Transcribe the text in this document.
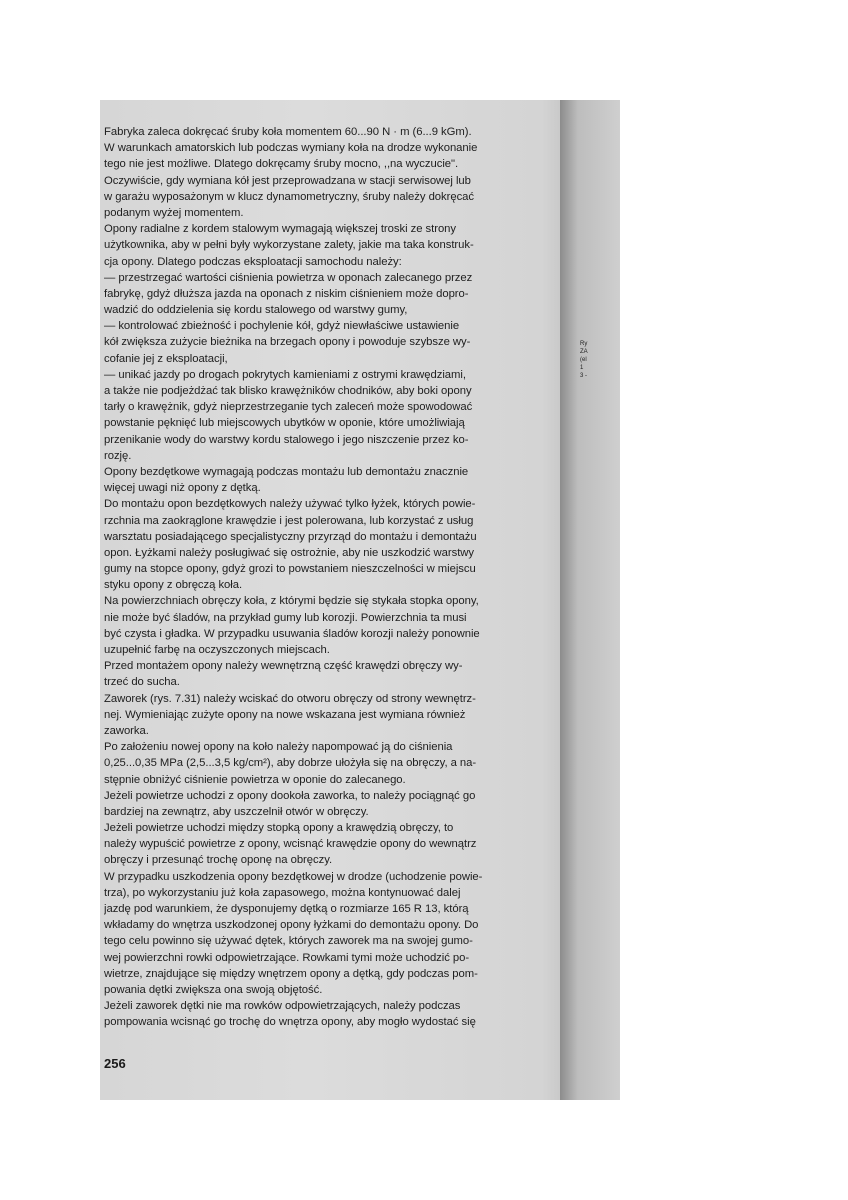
Ry
ZA
(el
1
3 -
Fabryka zaleca dokręcać śruby koła momentem 60...90 N · m (6...9 kGm).
W warunkach amatorskich lub podczas wymiany koła na drodze wykonanie
tego nie jest możliwe. Dlatego dokręcamy śruby mocno, ,,na wyczucie".
Oczywiście, gdy wymiana kół jest przeprowadzana w stacji serwisowej lub
w garażu wyposażonym w klucz dynamometryczny, śruby należy dokręcać
podanym wyżej momentem.
Opony radialne z kordem stalowym wymagają większej troski ze strony
użytkownika, aby w pełni były wykorzystane zalety, jakie ma taka konstruk-
cja opony. Dlatego podczas eksploatacji samochodu należy:
— przestrzegać wartości ciśnienia powietrza w oponach zalecanego przez
fabrykę, gdyż dłuższa jazda na oponach z niskim ciśnieniem może dopro-
wadzić do oddzielenia się kordu stalowego od warstwy gumy,
— kontrolować zbieżność i pochylenie kół, gdyż niewłaściwe ustawienie
kół zwiększa zużycie bieżnika na brzegach opony i powoduje szybsze wy-
cofanie jej z eksploatacji,
— unikać jazdy po drogach pokrytych kamieniami z ostrymi krawędziami,
a także nie podjeżdżać tak blisko krawężników chodników, aby boki opony
tarły o krawężnik, gdyż nieprzestrzeganie tych zaleceń może spowodować
powstanie pęknięć lub miejscowych ubytków w oponie, które umożliwiają
przenikanie wody do warstwy kordu stalowego i jego niszczenie przez ko-
rozję.
Opony bezdętkowe wymagają podczas montażu lub demontażu znacznie
więcej uwagi niż opony z dętką.
Do montażu opon bezdętkowych należy używać tylko łyżek, których powie-
rzchnia ma zaokrąglone krawędzie i jest polerowana, lub korzystać z usług
warsztatu posiadającego specjalistyczny przyrząd do montażu i demontażu
opon. Łyżkami należy posługiwać się ostrożnie, aby nie uszkodzić warstwy
gumy na stopce opony, gdyż grozi to powstaniem nieszczelności w miejscu
styku opony z obręczą koła.
Na powierzchniach obręczy koła, z którymi będzie się stykała stopka opony,
nie może być śladów, na przykład gumy lub korozji. Powierzchnia ta musi
być czysta i gładka. W przypadku usuwania śladów korozji należy ponownie
uzupełnić farbę na oczyszczonych miejscach.
Przed montażem opony należy wewnętrzną część krawędzi obręczy wy-
trzeć do sucha.
Zaworek (rys. 7.31) należy wciskać do otworu obręczy od strony wewnętrz-
nej. Wymieniając zużyte opony na nowe wskazana jest wymiana również
zaworka.
Po założeniu nowej opony na koło należy napompować ją do ciśnienia
0,25...0,35 MPa (2,5...3,5 kg/cm²), aby dobrze ułożyła się na obręczy, a na-
stępnie obniżyć ciśnienie powietrza w oponie do zalecanego.
Jeżeli powietrze uchodzi z opony dookoła zaworka, to należy pociągnąć go
bardziej na zewnątrz, aby uszczelnił otwór w obręczy.
Jeżeli powietrze uchodzi między stopką opony a krawędzią obręczy, to
należy wypuścić powietrze z opony, wcisnąć krawędzie opony do wewnątrz
obręczy i przesunąć trochę oponę na obręczy.
W przypadku uszkodzenia opony bezdętkowej w drodze (uchodzenie powie-
trza), po wykorzystaniu już koła zapasowego, można kontynuować dalej
jazdę pod warunkiem, że dysponujemy dętką o rozmiarze 165 R 13, którą
wkładamy do wnętrza uszkodzonej opony łyżkami do demontażu opony. Do
tego celu powinno się używać dętek, których zaworek ma na swojej gumo-
wej powierzchni rowki odpowietrzające. Rowkami tymi może uchodzić po-
wietrze, znajdujące się między wnętrzem opony a dętką, gdy podczas pom-
powania dętki zwiększa ona swoją objętość.
Jeżeli zaworek dętki nie ma rowków odpowietrzających, należy podczas
pompowania wcisnąć go trochę do wnętrza opony, aby mogło wydostać się
256
